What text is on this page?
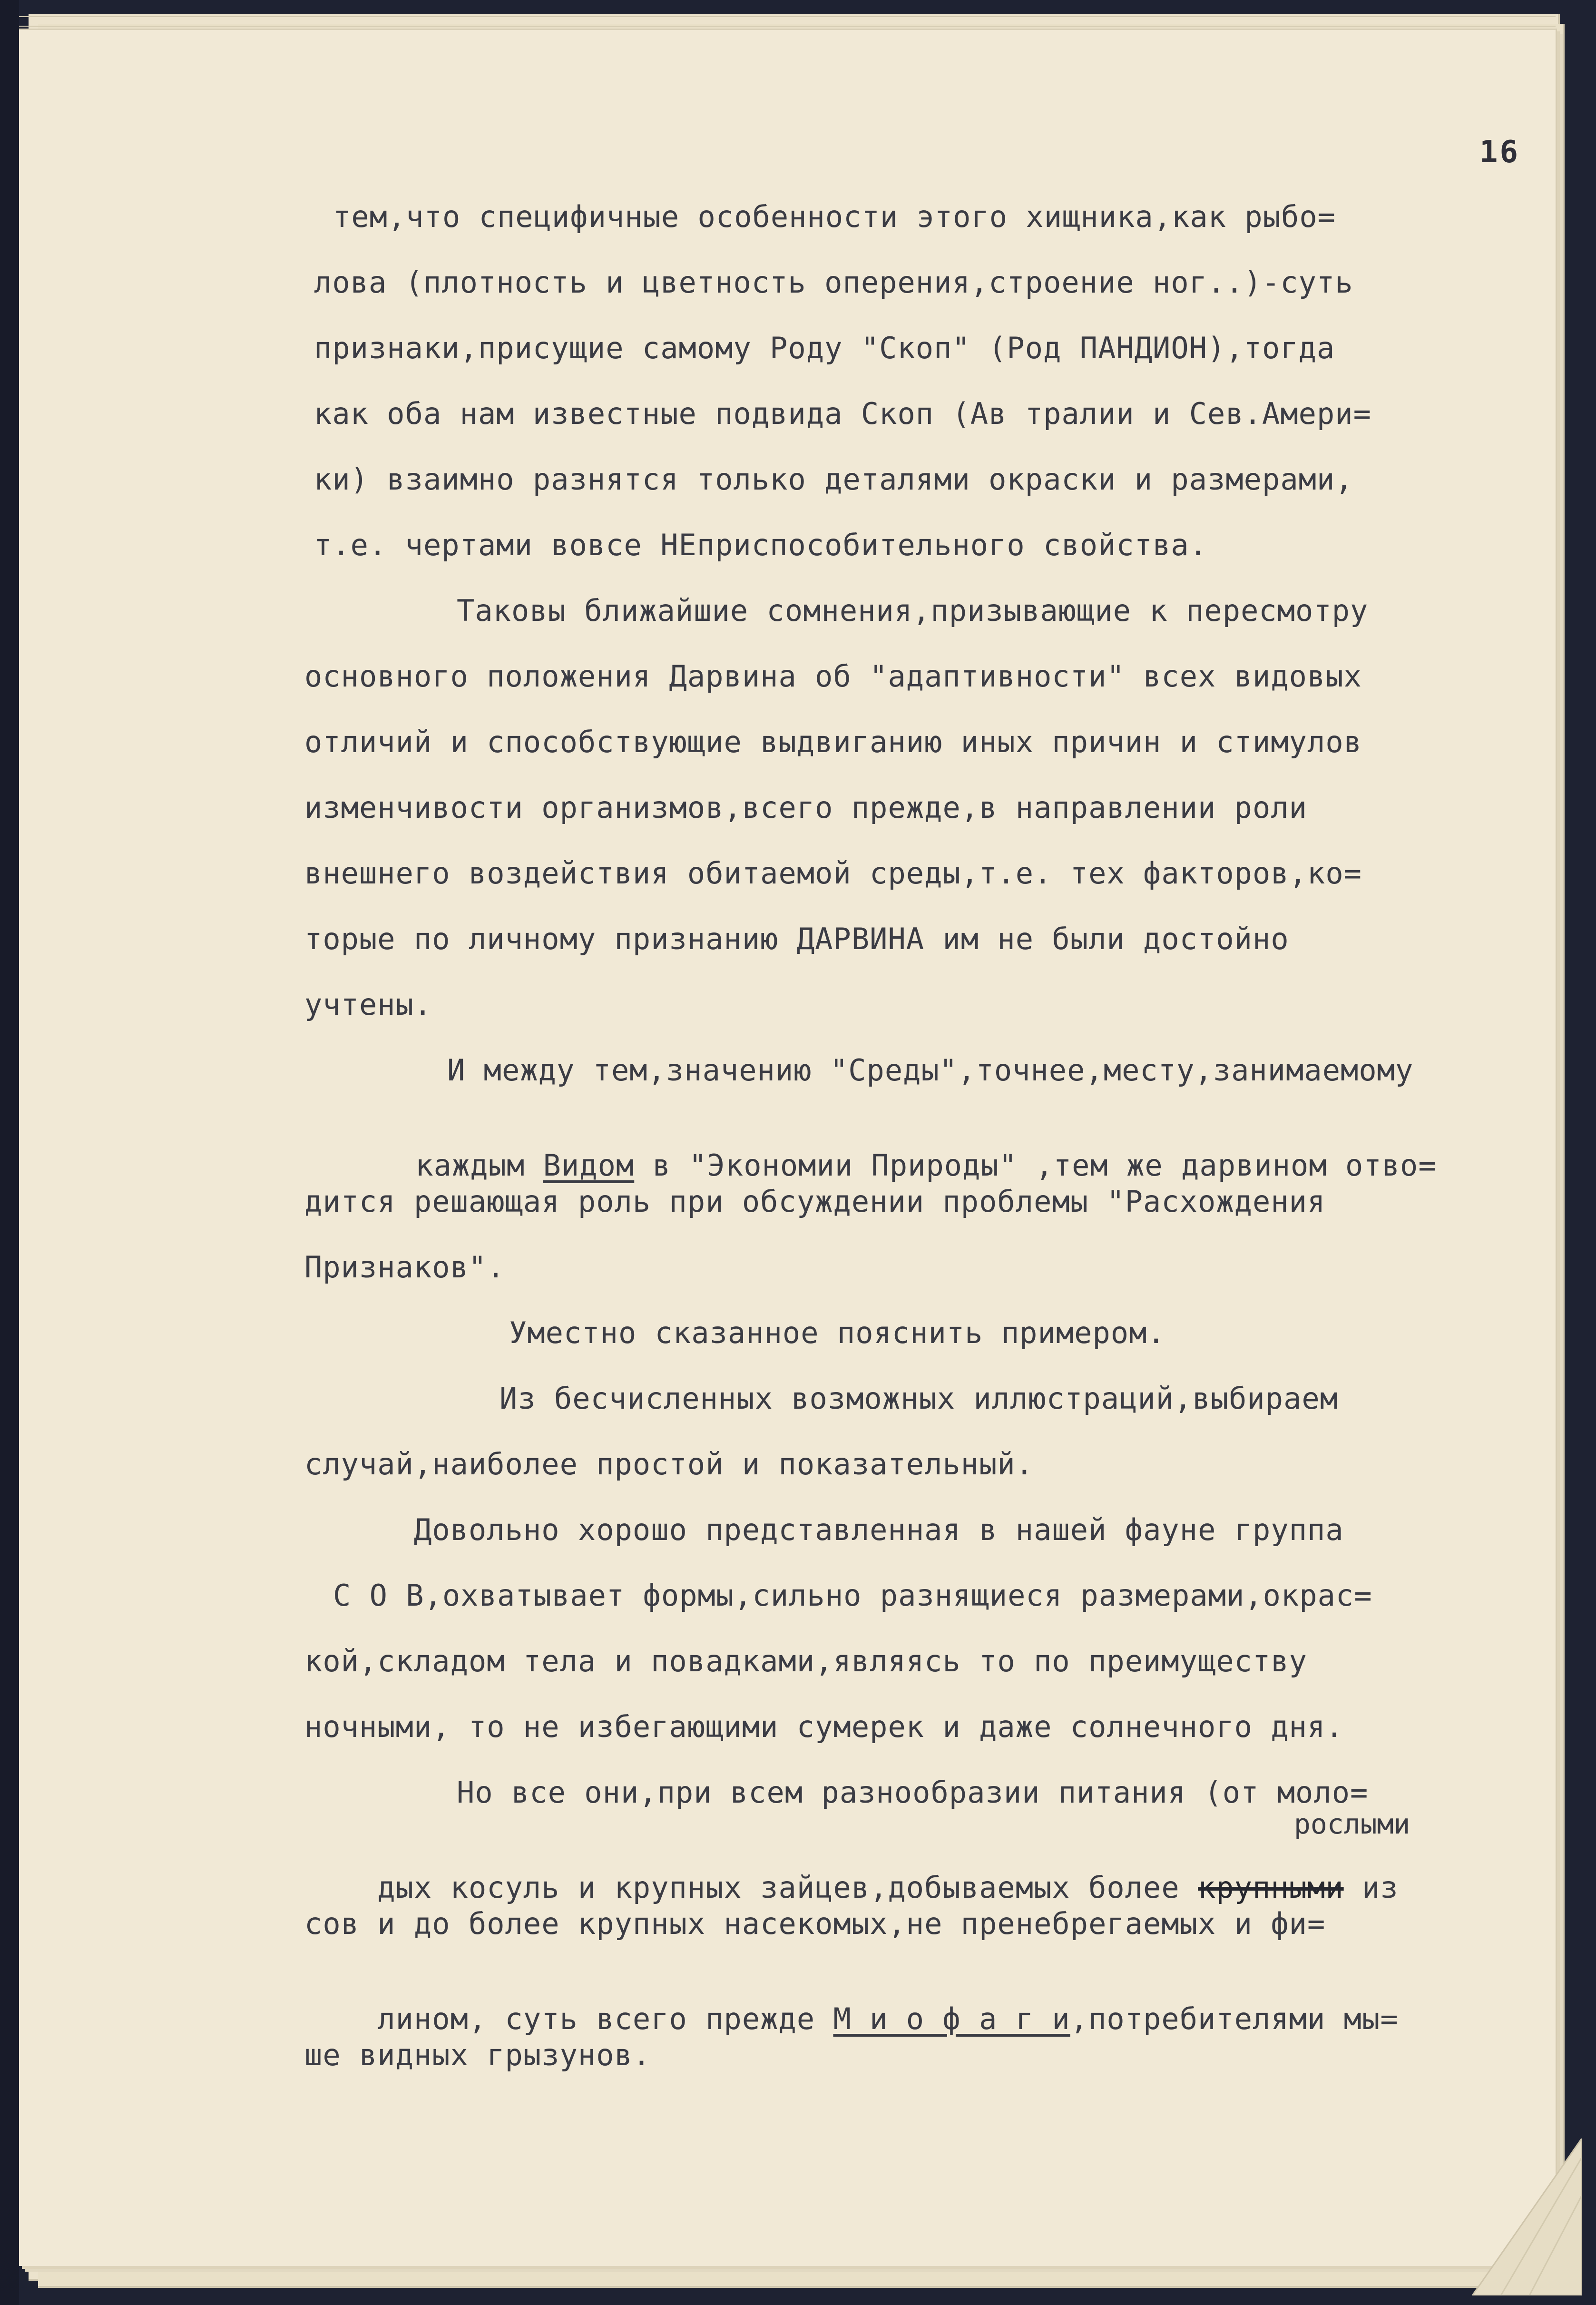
16
тем,что специфичные особенности этого хищника,как рыбо=
лова (плотность и цветность оперения,строение ног..)-суть
признаки,присущие самому Роду "Скоп" (Род ПАНДИОН),тогда
как оба нам известные подвида Скоп (Ав тралии и Сев.Амери=
ки) взаимно разнятся только деталями окраски и размерами,
т.е. чертами вовсе НЕприспособительного свойства.
Таковы ближайшие сомнения,призывающие к пересмотру
основного положения Дарвина об "адаптивности" всех видовых
отличий и способствующие выдвиганию иных причин и стимулов
изменчивости организмов,всего прежде,в направлении роли
внешнего воздействия обитаемой среды,т.е. тех факторов,ко=
торые по личному признанию ДАРВИНА им не были достойно
учтены.
И между тем,значению "Среды",точнее,месту,занимаемому

каждым Видом в "Экономии Природы" ,тем же дарвином отво=

дится решающая роль при обсуждении проблемы "Расхождения
Признаков".
Уместно сказанное пояснить примером.
Из бесчисленных возможных иллюстраций,выбираем
случай,наиболее простой и показательный.
Довольно хорошо представленная в нашей фауне группа
С О В,охватывает формы,сильно разнящиеся размерами,окрас=
кой,складом тела и повадками,являясь то по преимуществу
ночными, то не избегающими сумерек и даже солнечного дня.
Но все они,при всем разнообразии питания (от моло=
рослыми

дых косуль и крупных зайцев,добываемых более крупными из

сов и до более крупных насекомых,не пренебрегаемых и фи=

лином, суть всего прежде М и о ф а г и,потребителями мы=

ше видных грызунов.
